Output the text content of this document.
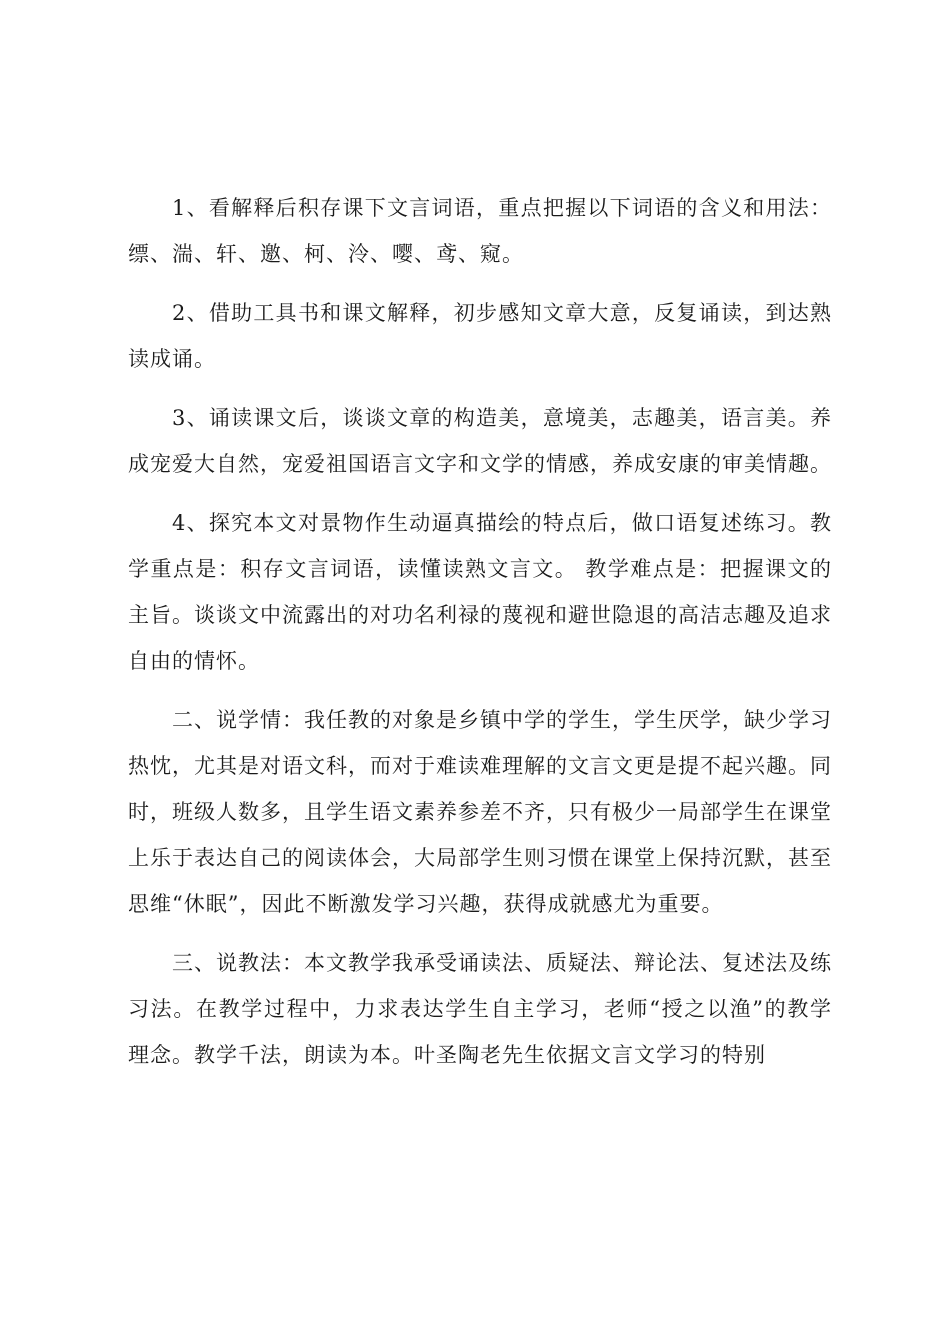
1、看解释后积存课下文言词语，重点把握以下词语的含义和用法：缥、湍、轩、邀、柯、泠、嘤、鸢、窥。

2、借助工具书和课文解释，初步感知文章大意，反复诵读，到达熟读成诵。

3、诵读课文后，谈谈文章的构造美，意境美，志趣美，语言美。养成宠爱大自然，宠爱祖国语言文字和文学的情感，养成安康的审美情趣。

4、探究本文对景物作生动逼真描绘的特点后，做口语复述练习。教学重点是：积存文言词语，读懂读熟文言文。 教学难点是：把握课文的主旨。谈谈文中流露出的对功名利禄的蔑视和避世隐退的高洁志趣及追求自由的情怀。

二、说学情：我任教的对象是乡镇中学的学生，学生厌学，缺少学习热忱，尤其是对语文科，而对于难读难理解的文言文更是提不起兴趣。同时，班级人数多，且学生语文素养参差不齐，只有极少一局部学生在课堂上乐于表达自己的阅读体会，大局部学生则习惯在课堂上保持沉默，甚至思维“休眠”，因此不断激发学习兴趣，获得成就感尤为重要。

三、说教法：本文教学我承受诵读法、质疑法、辩论法、复述法及练习法。在教学过程中，力求表达学生自主学习，老师“授之以渔”的教学理念。教学千法，朗读为本。叶圣陶老先生依据文言文学习的特别
